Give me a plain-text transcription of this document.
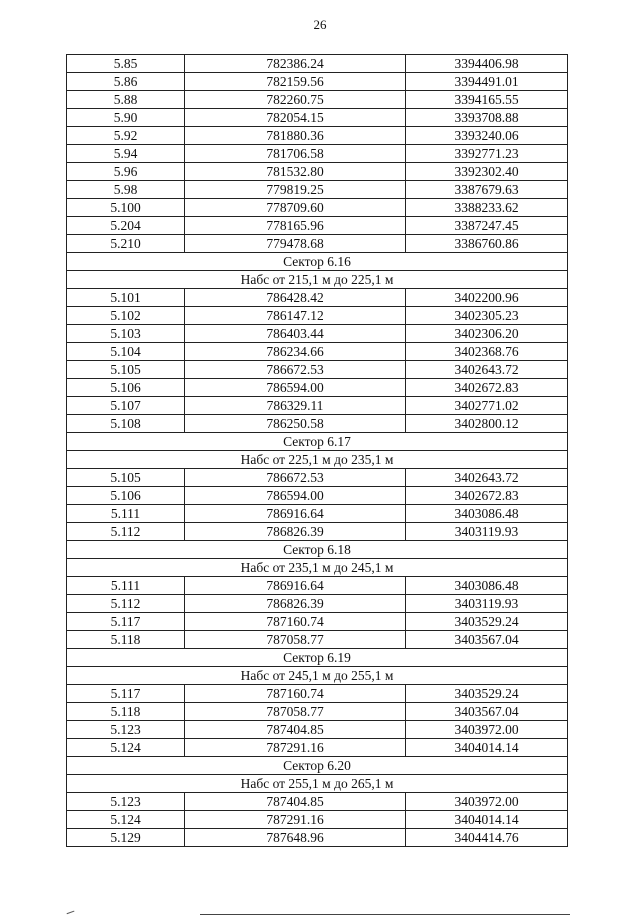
26
5.85	782386.24	3394406.98
5.86	782159.56	3394491.01
5.88	782260.75	3394165.55
5.90	782054.15	3393708.88
5.92	781880.36	3393240.06
5.94	781706.58	3392771.23
5.96	781532.80	3392302.40
5.98	779819.25	3387679.63
5.100	778709.60	3388233.62
5.204	778165.96	3387247.45
5.210	779478.68	3386760.86
Сектор 6.16		
Набс от 215,1 м до 225,1 м		
5.101	786428.42	3402200.96
5.102	786147.12	3402305.23
5.103	786403.44	3402306.20
5.104	786234.66	3402368.76
5.105	786672.53	3402643.72
5.106	786594.00	3402672.83
5.107	786329.11	3402771.02
5.108	786250.58	3402800.12
Сектор 6.17		
Набс от 225,1 м до 235,1 м		
5.105	786672.53	3402643.72
5.106	786594.00	3402672.83
5.111	786916.64	3403086.48
5.112	786826.39	3403119.93
Сектор 6.18		
Набс от 235,1 м до 245,1 м		
5.111	786916.64	3403086.48
5.112	786826.39	3403119.93
5.117	787160.74	3403529.24
5.118	787058.77	3403567.04
Сектор 6.19		
Набс от 245,1 м до 255,1 м		
5.117	787160.74	3403529.24
5.118	787058.77	3403567.04
5.123	787404.85	3403972.00
5.124	787291.16	3404014.14
Сектор 6.20		
Набс от 255,1 м до 265,1 м		
5.123	787404.85	3403972.00
5.124	787291.16	3404014.14
5.129	787648.96	3404414.76
